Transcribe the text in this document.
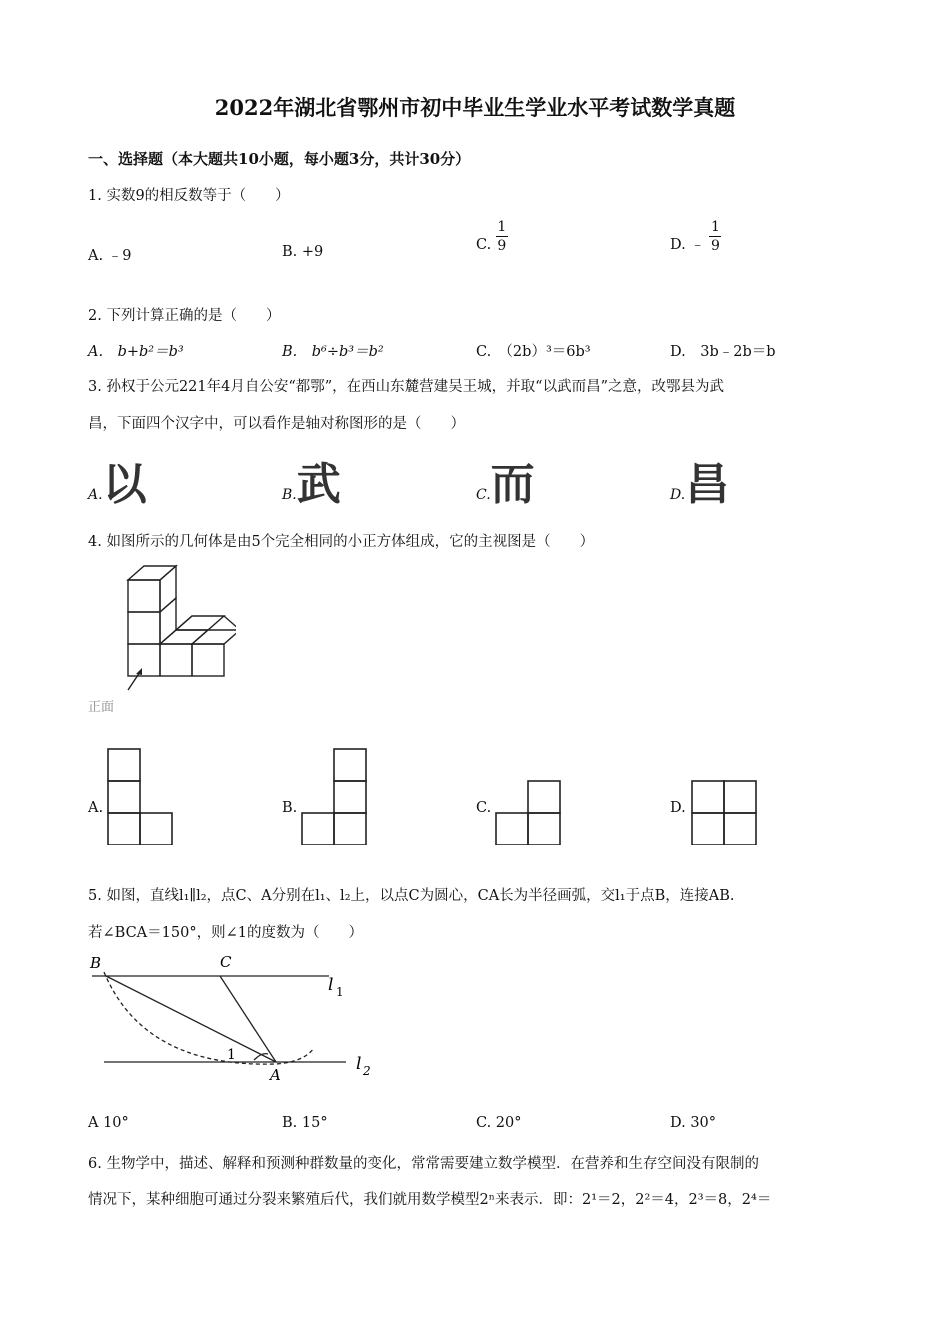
2022年湖北省鄂州市初中毕业生学业水平考试数学真题
一、选择题（本大题共10小题，每小题3分，共计30分）
1. 实数9的相反数等于（　　）
A. ﹣9	B. +9	C. $\frac{1}{9}$	D. ﹣ $\frac{1}{9}$
2. 下列计算正确的是（　　）
A.　b+b²＝b³	B.　b⁶÷b³＝b²	C.　（2b）³＝6b³	D.　3b﹣2b＝b
3. 孙权于公元221年4月自公安“都鄂”，在西山东麓营建吴王城，并取“以武而昌”之意，改鄂县为武
昌，下面四个汉字中，可以看作是轴对称图形的是（　　）
A.以	B.武	C.而	D.昌
4. 如图所示的几何体是由5个完全相同的小正方体组成，它的主视图是（　　）
正面
A.	B.	C.	D.
5. 如图，直线l₁∥l₂，点C、A分别在l₁、l₂上，以点C为圆心，CA长为半径画弧，交l₁于点B，连接AB.
若∠BCA＝150°，则∠1的度数为（　　）
B	C
A
1
l 1
l 2
A 10°	B. 15°	C. 20°	D. 30°
6. 生物学中，描述、解释和预测种群数量的变化，常常需要建立数学模型．在营养和生存空间没有限制的
情况下，某种细胞可通过分裂来繁殖后代，我们就用数学模型2ⁿ来表示．即：2¹＝2，2²＝4，2³＝8，2⁴＝
